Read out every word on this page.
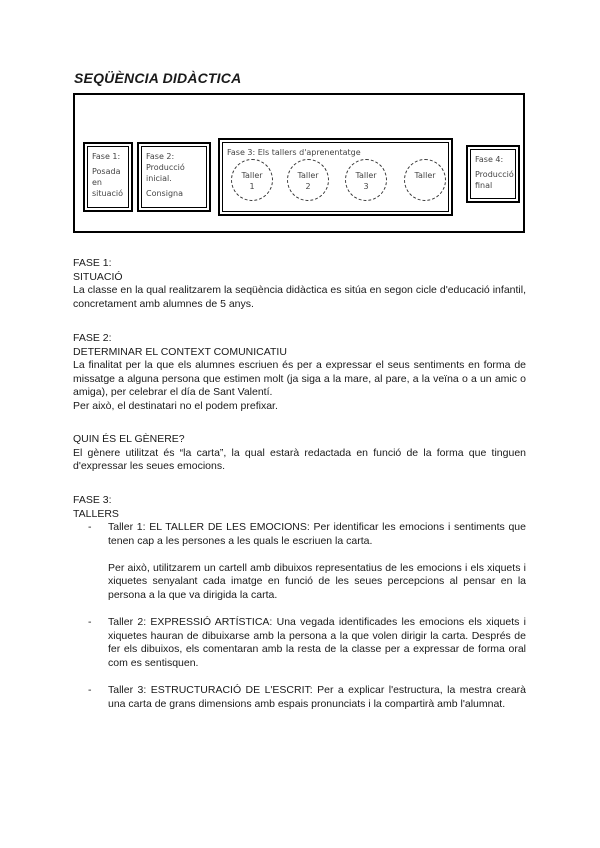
SEQÜÈNCIA DIDÀCTICA
Fase 1:
Posada
en
situació
Fase 2:
Producció
inicial.
Consigna
Fase 3: Els tallers d'aprenentatge
Taller
1
Taller
2
Taller
3
Taller
Fase 4:
Producció
final
FASE 1:
SITUACIÓ

La classe en la qual realitzarem la seqüència didàctica es sitúa en segon cicle d'educació infantil, concretament amb alumnes de 5 anys.

FASE 2:
DETERMINAR EL CONTEXT COMUNICATIU

La finalitat per la que els alumnes escriuen és per a expressar el seus sentiments en forma de missatge a alguna persona que estimen molt (ja siga a la mare, al pare, a la veïna o a un amic o amiga), per celebrar el día de Sant Valentí.

Per això, el destinatari no el podem prefixar.

QUIN ÉS EL GÈNERE?

El gènere utilitzat és “la carta”, la qual estarà redactada en funció de la forma que tinguen d'expressar les seues emocions.

FASE 3:
TALLERS
- Taller 1: EL TALLER DE LES EMOCIONS: Per identificar les emocions i sentiments que tenen cap a les persones a les quals le escriuen la carta.

Per això, utilitzarem un cartell amb dibuixos representatius de les emocions i els xiquets i xiquetes senyalant cada imatge en funció de les seues percepcions al pensar en la persona a la que va dirigida la carta.

- Taller 2: EXPRESSIÓ ARTÍSTICA: Una vegada identificades les emocions els xiquets i xiquetes hauran de dibuixarse amb la persona a la que volen dirigir la carta. Després de fer els dibuixos, els comentaran amb la resta de la classe per a expressar de forma oral com es sentisquen.

- Taller 3: ESTRUCTURACIÓ DE L'ESCRIT: Per a explicar l'estructura, la mestra crearà una carta de grans dimensions amb espais pronunciats i la compartirà amb l'alumnat.
